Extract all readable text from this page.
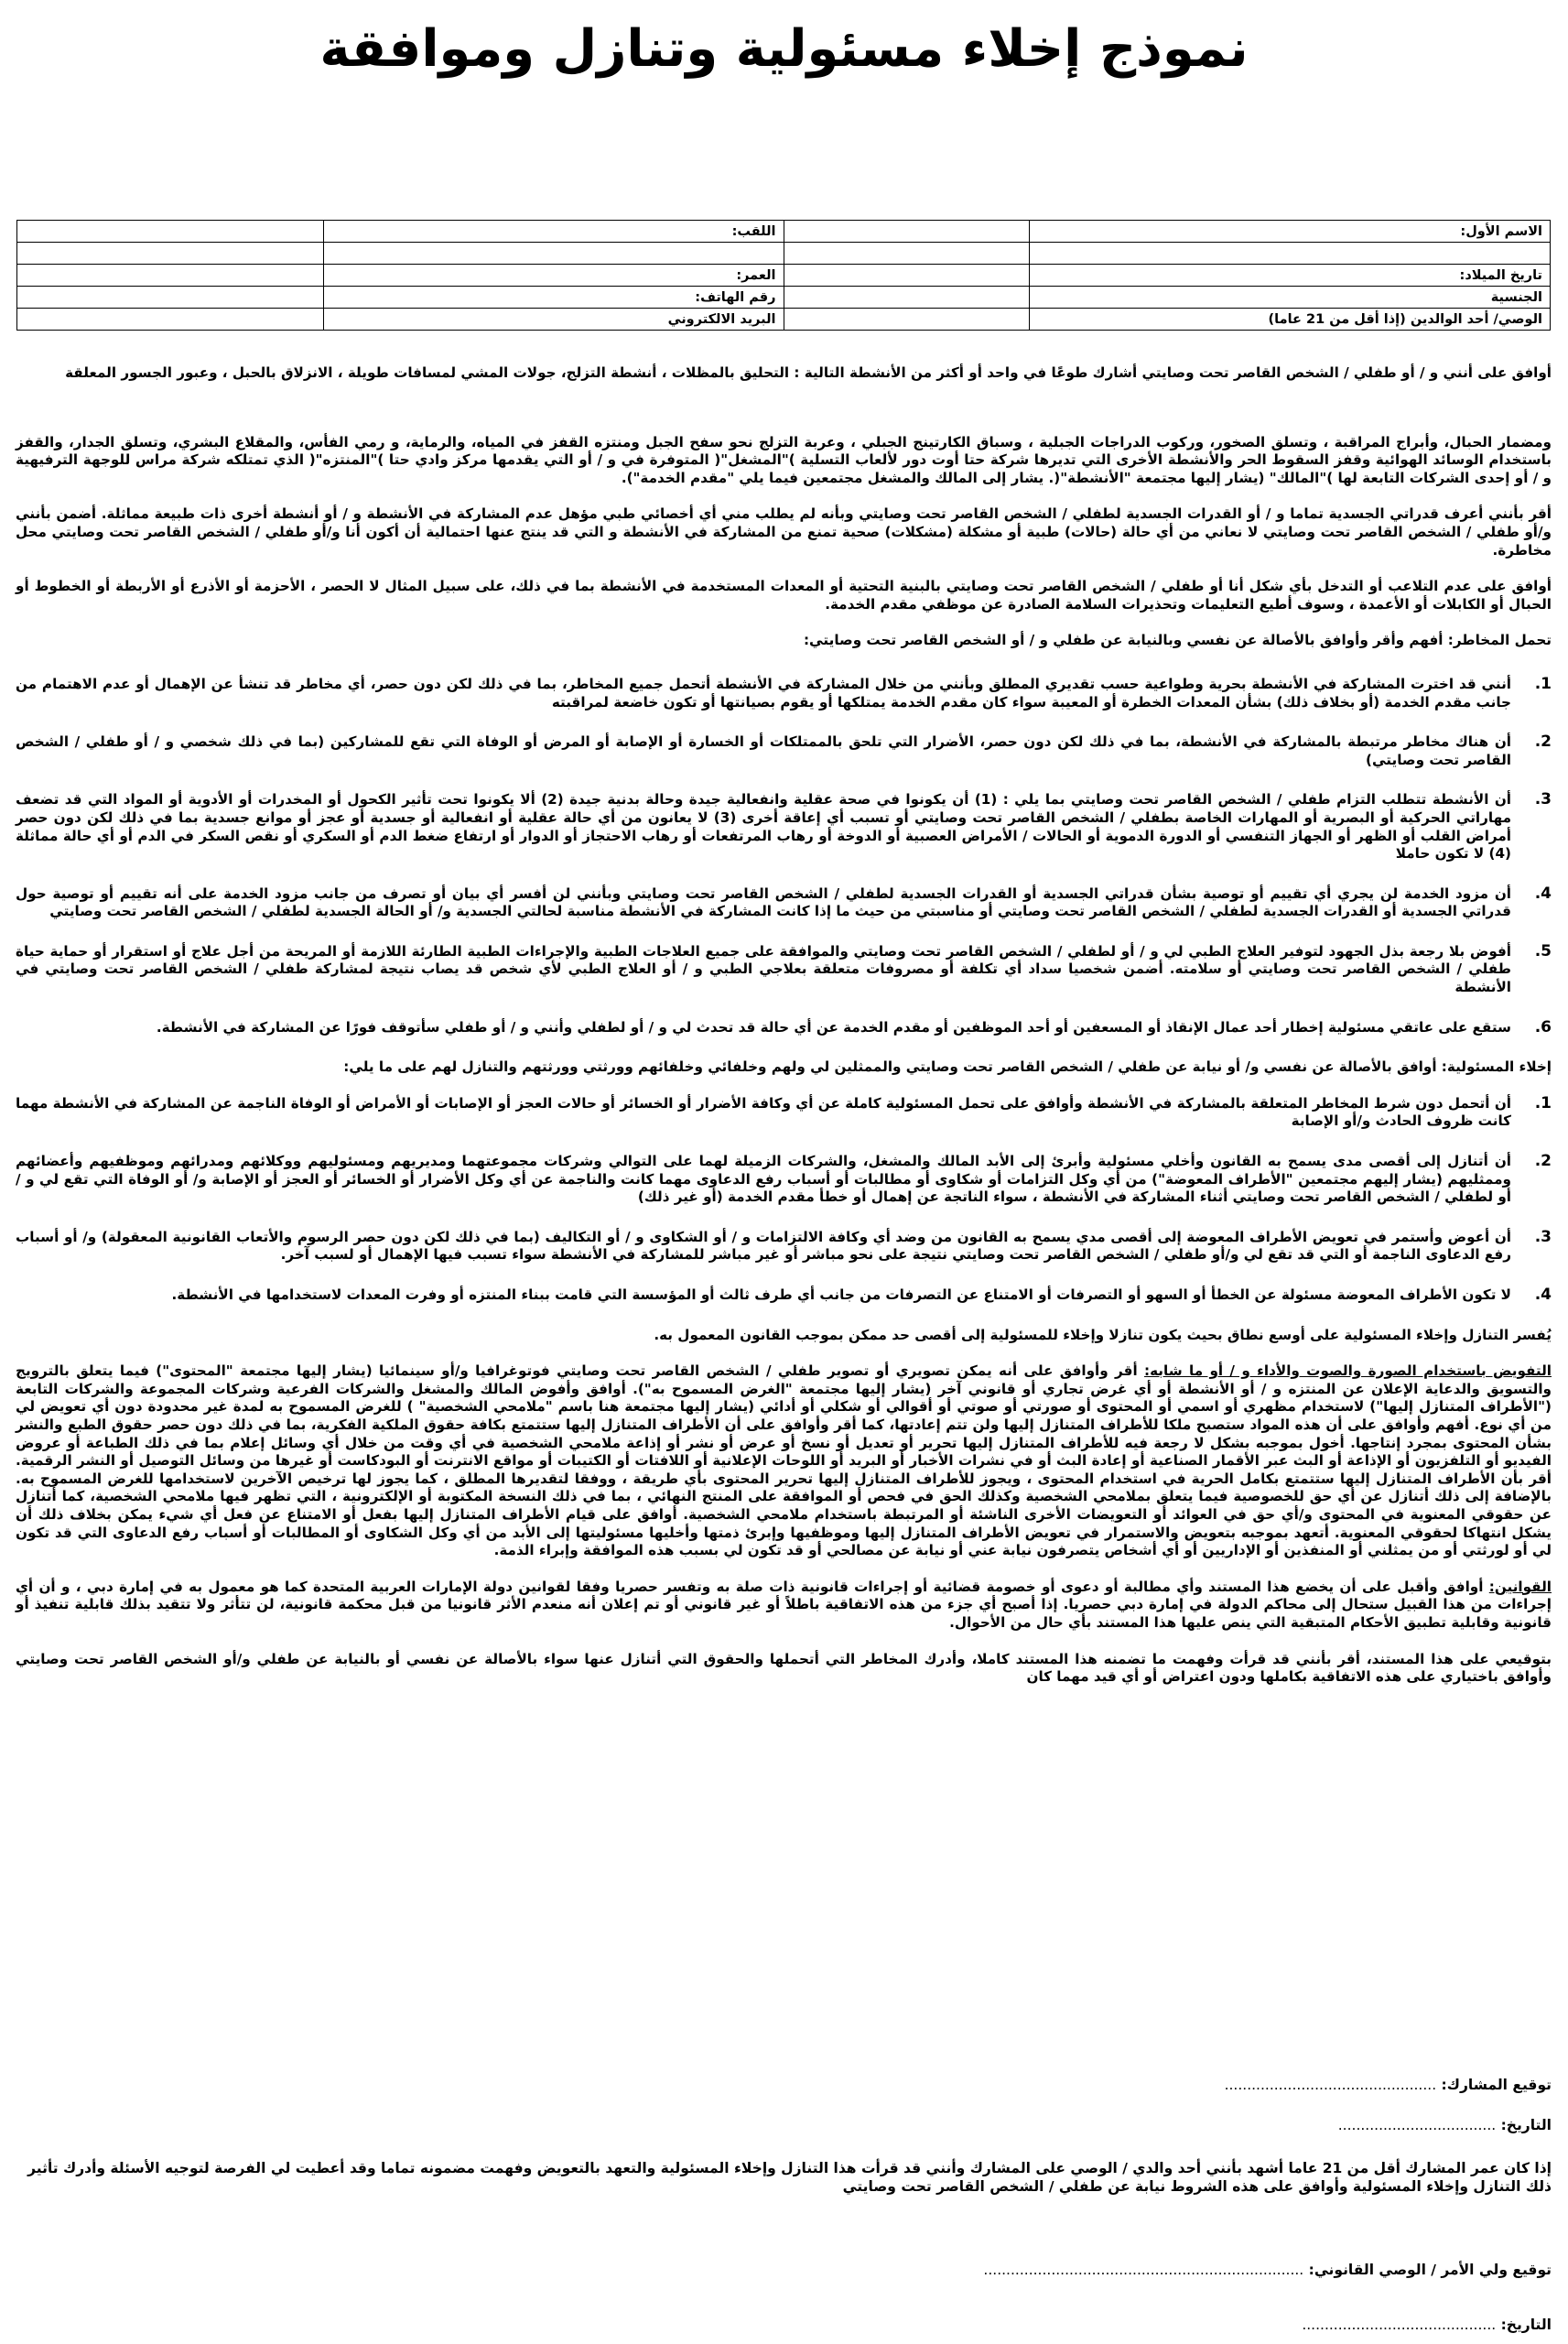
نموذج إخلاء مسئولية وتنازل وموافقة
الاسم الأول:		اللقب:	

تاريخ الميلاد:		العمر:	
الجنسية		رقم الهاتف:	
الوصي/ أحد الوالدين (إذا أقل من 21 عاما)		البريد الالكتروني	

أوافق على أنني و / أو طفلي / الشخص القاصر تحت وصايتي أشارك طوعًا في واحد أو أكثر من الأنشطة التالية : التحليق بالمظلات ، أنشطة التزلج، جولات المشي لمسافات طويلة ، الانزلاق بالحبل ، وعبور الجسور المعلقة

ومضمار الحبال، وأبراج المراقبة ، وتسلق الصخور، وركوب الدراجات الجبلية ، وسباق الكارتينج الجبلي ، وعربة التزلج نحو سفح الجبل ومنتزه القفز في المياه، والرماية، و رمي الفأس، والمقلاع البشري، وتسلق الجدار، والقفز باستخدام الوسائد الهوائية وقفز السقوط الحر والأنشطة الأخرى التي تديرها شركة حتا أوت دور لألعاب التسلية )"المشغل"( المتوفرة في و / أو التي يقدمها مركز وادي حتا )"المنتزه"( الذي تمتلكه شركة مراس للوجهة الترفيهية و / أو إحدى الشركات التابعة لها )"المالك" (يشار إليها مجتمعة "الأنشطة"(. يشار إلى المالك والمشغل مجتمعين فيما يلي "مقدم الخدمة").

أقر بأنني أعرف قدراتي الجسدية تماما و / أو القدرات الجسدية لطفلي / الشخص القاصر تحت وصايتي وبأنه لم يطلب مني أي أخصائي طبي مؤهل عدم المشاركة في الأنشطة و / أو أنشطة أخرى ذات طبيعة مماثلة. أضمن بأنني و/أو طفلي / الشخص القاصر تحت وصايتي لا نعاني من أي حالة (حالات) طبية أو مشكلة (مشكلات) صحية تمنع من المشاركة في الأنشطة و التي قد ينتج عنها احتمالية أن أكون أنا و/أو طفلي / الشخص القاصر تحت وصايتي محل مخاطرة.

أوافق على عدم التلاعب أو التدخل بأي شكل أنا أو طفلي / الشخص القاصر تحت وصايتي بالبنية التحتية أو المعدات المستخدمة في الأنشطة بما في ذلك، على سبيل المثال لا الحصر ، الأحزمة أو الأذرع أو الأربطة أو الخطوط أو الحبال أو الكابلات أو الأعمدة ، وسوف أطيع التعليمات وتحذيرات السلامة الصادرة عن موظفي مقدم الخدمة.

تحمل المخاطر: أفهم وأقر وأوافق بالأصالة عن نفسي وبالنيابة عن طفلي و / أو الشخص القاصر تحت وصايتي:

1.
أنني قد اخترت المشاركة في الأنشطة بحرية وطواعية حسب تقديري المطلق وبأنني من خلال المشاركة في الأنشطة أتحمل جميع المخاطر، بما في ذلك لكن دون حصر، أي مخاطر قد تنشأ عن الإهمال أو عدم الاهتمام من جانب مقدم الخدمة (أو بخلاف ذلك) بشأن المعدات الخطرة أو المعيبة سواء كان مقدم الخدمة يمتلكها أو يقوم بصيانتها أو تكون خاضعة لمراقبته
2.
أن هناك مخاطر مرتبطة بالمشاركة في الأنشطة، بما في ذلك لكن دون حصر، الأضرار التي تلحق بالممتلكات أو الخسارة أو الإصابة أو المرض أو الوفاة التي تقع للمشاركين (بما في ذلك شخصي و / أو طفلي / الشخص القاصر تحت وصايتي)
3.
أن الأنشطة تتطلب التزام طفلي / الشخص القاصر تحت وصايتي بما يلي : (1) أن يكونوا في صحة عقلية وانفعالية جيدة وحالة بدنية جيدة (2) ألا يكونوا تحت تأثير الكحول أو المخدرات أو الأدوية أو المواد التي قد تضعف مهاراتي الحركية أو البصرية أو المهارات الخاصة بطفلي / الشخص القاصر تحت وصايتي أو تسبب أي إعاقة أخرى (3) لا يعانون من أي حالة عقلية أو انفعالية أو جسدية أو عجز أو موانع جسدية بما في ذلك لكن دون حصر أمراض القلب أو الظهر أو الجهاز التنفسي أو الدورة الدموية أو الحالات / الأمراض العصبية أو الدوخة أو رهاب المرتفعات أو رهاب الاحتجاز أو الدوار أو ارتفاع ضغط الدم أو السكري أو نقص السكر في الدم أو أي حالة مماثلة (4) لا تكون حاملا
4.
أن مزود الخدمة لن يجري أي تقييم أو توصية بشأن قدراتي الجسدية أو القدرات الجسدية لطفلي / الشخص القاصر تحت وصايتي وبأنني لن أفسر أي بيان أو تصرف من جانب مزود الخدمة على أنه تقييم أو توصية حول قدراتي الجسدية أو القدرات الجسدية لطفلي / الشخص القاصر تحت وصايتي أو مناسبتي من حيث ما إذا كانت المشاركة في الأنشطة مناسبة لحالتي الجسدية و/ أو الحالة الجسدية لطفلي / الشخص القاصر تحت وصايتي
5.
أفوض بلا رجعة بذل الجهود لتوفير العلاج الطبي لي و / أو لطفلي / الشخص القاصر تحت وصايتي والموافقة على جميع العلاجات الطبية والإجراءات الطبية الطارئة اللازمة أو المريحة من أجل علاج أو استقرار أو حماية حياة طفلي / الشخص القاصر تحت وصايتي أو سلامته. أضمن شخصيا سداد أي تكلفة أو مصروفات متعلقة بعلاجي الطبي و / أو العلاج الطبي لأي شخص قد يصاب نتيجة لمشاركة طفلي / الشخص القاصر تحت وصايتي في الأنشطة
6.
ستقع على عاتقي مسئولية إخطار أحد عمال الإنقاذ أو المسعفين أو أحد الموظفين أو مقدم الخدمة عن أي حالة قد تحدث لي و / أو لطفلي وأنني و / أو طفلي سأتوقف فورًا عن المشاركة في الأنشطة.

إخلاء المسئولية: أوافق بالأصالة عن نفسي و/ أو نيابة عن طفلي / الشخص القاصر تحت وصايتي والممثلين لي ولهم وخلفائي وخلفائهم وورثتي وورثتهم والتنازل لهم على ما يلي:

1.
أن أتحمل دون شرط المخاطر المتعلقة بالمشاركة في الأنشطة وأوافق على تحمل المسئولية كاملة عن أي وكافة الأضرار أو الخسائر أو حالات العجز أو الإصابات أو الأمراض أو الوفاة الناجمة عن المشاركة في الأنشطة مهما كانت ظروف الحادث و/أو الإصابة
2.
أن أتنازل إلى أقصى مدى يسمح به القانون وأخلي مسئولية وأبرئ إلى الأبد المالك والمشغل، والشركات الزميلة لهما على التوالي وشركات مجموعتهما ومديريهم ومسئوليهم ووكلائهم ومدرائهم وموظفيهم وأعضائهم وممثليهم (يشار إليهم مجتمعين "الأطراف المعوضة") من أي وكل التزامات أو شكاوى أو مطالبات أو أسباب رفع الدعاوى مهما كانت والناجمة عن أي وكل الأضرار أو الخسائر أو العجز أو الإصابة و/ أو الوفاة التي تقع لي و / أو لطفلي / الشخص القاصر تحت وصايتي أثناء المشاركة في الأنشطة ، سواء الناتجة عن إهمال أو خطأ مقدم الخدمة (أو غير ذلك)
3.
أن أعوض وأستمر في تعويض الأطراف المعوضة إلى أقصى مدي يسمح به القانون من وضد أي وكافة الالتزامات و / أو الشكاوى و / أو التكاليف (بما في ذلك لكن دون حصر الرسوم والأتعاب القانونية المعقولة) و/ أو أسباب رفع الدعاوى الناجمة أو التي قد تقع لي و/أو طفلي / الشخص القاصر تحت وصايتي نتيجة على نحو مباشر أو غير مباشر للمشاركة في الأنشطة سواء تسبب فيها الإهمال أو لسبب آخر.
4.
لا تكون الأطراف المعوضة مسئولة عن الخطأ أو السهو أو التصرفات أو الامتناع عن التصرفات من جانب أي طرف ثالث أو المؤسسة التي قامت ببناء المنتزه أو وفرت المعدات لاستخدامها في الأنشطة.

يُفسر التنازل وإخلاء المسئولية على أوسع نطاق بحيث يكون تنازلا وإخلاء للمسئولية إلى أقصى حد ممكن بموجب القانون المعمول به.

التفويض باستخدام الصورة والصوت والأداء و / أو ما شابه: أقر وأوافق على أنه يمكن تصويري أو تصوير طفلي / الشخص القاصر تحت وصايتي فوتوغرافيا و/أو سينمائيا (يشار إليها مجتمعة "المحتوى") فيما يتعلق بالترويج والتسويق والدعاية الإعلان عن المنتزه و / أو الأنشطة أو أي غرض تجاري أو قانوني آخر (يشار إليها مجتمعة "الغرض المسموح به"). أوافق وأفوض المالك والمشغل والشركات الفرعية وشركات المجموعة والشركات التابعة ("الأطراف المتنازل إليها") لاستخدام مظهري أو اسمي أو المحتوى أو صورتي أو صوتي أو أقوالي أو شكلي أو أدائي (يشار إليها مجتمعة هنا باسم "ملامحي الشخصية" ) للغرض المسموح به لمدة غير محدودة دون أي تعويض لي من أي نوع. أفهم وأوافق على أن هذه المواد ستصبح ملكا للأطراف المتنازل إليها ولن تتم إعادتها، كما أقر وأوافق على أن الأطراف المتنازل إليها ستتمتع بكافة حقوق الملكية الفكرية، بما في ذلك دون حصر حقوق الطبع والنشر بشأن المحتوى بمجرد إنتاجها. أخول بموجبه بشكل لا رجعة فيه للأطراف المتنازل إليها تحرير أو تعديل أو نسخ أو عرض أو نشر أو إذاعة ملامحي الشخصية في أي وقت من خلال أي وسائل إعلام بما في ذلك الطباعة أو عروض الفيديو أو التلفزيون أو الإذاعة أو البث عبر الأقمار الصناعية أو إعادة البث أو في نشرات الأخبار أو البريد أو اللوحات الإعلانية أو اللافتات أو الكتيبات أو مواقع الانترنت أو البودكاست أو غيرها من وسائل التوصيل أو النشر الرقمية. أقر بأن الأطراف المتنازل إليها ستتمتع بكامل الحرية في استخدام المحتوى ، ويجوز للأطراف المتنازل إليها تحرير المحتوى بأي طريقة ، ووفقا لتقديرها المطلق ، كما يجوز لها ترخيص الآخرين لاستخدامها للغرض المسموح به. بالإضافة إلى ذلك أتنازل عن أي حق للخصوصية فيما يتعلق بملامحي الشخصية وكذلك الحق في فحص أو الموافقة على المنتج النهائي ، بما في ذلك النسخة المكتوبة أو الإلكترونية ، التي تظهر فيها ملامحي الشخصية، كما أتنازل عن حقوقي المعنوية في المحتوى و/أي حق في العوائد أو التعويضات الأخرى الناشئة أو المرتبطة باستخدام ملامحي الشخصية. أوافق على قيام الأطراف المتنازل إليها بفعل أو الامتناع عن فعل أي شيء يمكن بخلاف ذلك أن يشكل انتهاكا لحقوقي المعنوية. أتعهد بموجبه بتعويض والاستمرار في تعويض الأطراف المتنازل إليها وموظفيها وإبرئ ذمتها وأخليها مسئوليتها إلى الأبد من أي وكل الشكاوى أو المطالبات أو أسباب رفع الدعاوى التي قد تكون لي أو لورثتي أو من يمثلني أو المنفذين أو الإداريين أو أي أشخاص يتصرفون نيابة عني أو نيابة عن مصالحي أو قد تكون لي بسبب هذه الموافقة وإبراء الذمة.

القوانين: أوافق وأقبل على أن يخضع هذا المستند وأي مطالبة أو دعوى أو خصومة قضائية أو إجراءات قانونية ذات صلة به وتفسر حصريا وفقا لقوانين دولة الإمارات العربية المتحدة كما هو معمول به في إمارة دبي ، و أن أي إجراءات من هذا القبيل ستحال إلى محاكم الدولة في إمارة دبي حصريا. إذا أصبح أي جزء من هذه الاتفاقية باطلاً أو غير قانوني أو تم إعلان أنه منعدم الأثر قانونيا من قبل محكمة قانونية، لن تتأثر ولا تتقيد بذلك قابلية تنفيذ أو قانونية وقابلية تطبيق الأحكام المتبقية التي ينص عليها هذا المستند بأي حال من الأحوال.

بتوقيعي على هذا المستند، أقر بأنني قد قرأت وفهمت ما تضمنه هذا المستند كاملا، وأدرك المخاطر التي أتحملها والحقوق التي أتنازل عنها سواء بالأصالة عن نفسي أو بالنيابة عن طفلي و/أو الشخص القاصر تحت وصايتي وأوافق باختياري على هذه الاتفاقية بكاملها ودون اعتراض أو أي قيد مهما كان

توقيع المشارك: ...............................................
التاريخ: ...................................
إذا كان عمر المشارك أقل من 21 عاما أشهد بأنني أحد والدي / الوصي على المشارك وأنني قد قرأت هذا التنازل وإخلاء المسئولية والتعهد بالتعويض وفهمت مضمونه تماما وقد أعطيت لي الفرصة لتوجيه الأسئلة وأدرك تأثير ذلك التنازل وإخلاء المسئولية وأوافق على هذه الشروط نيابة عن طفلي / الشخص القاصر تحت وصايتي
توقيع ولي الأمر / الوصي القانوني: .......................................................................
التاريخ: ...........................................
